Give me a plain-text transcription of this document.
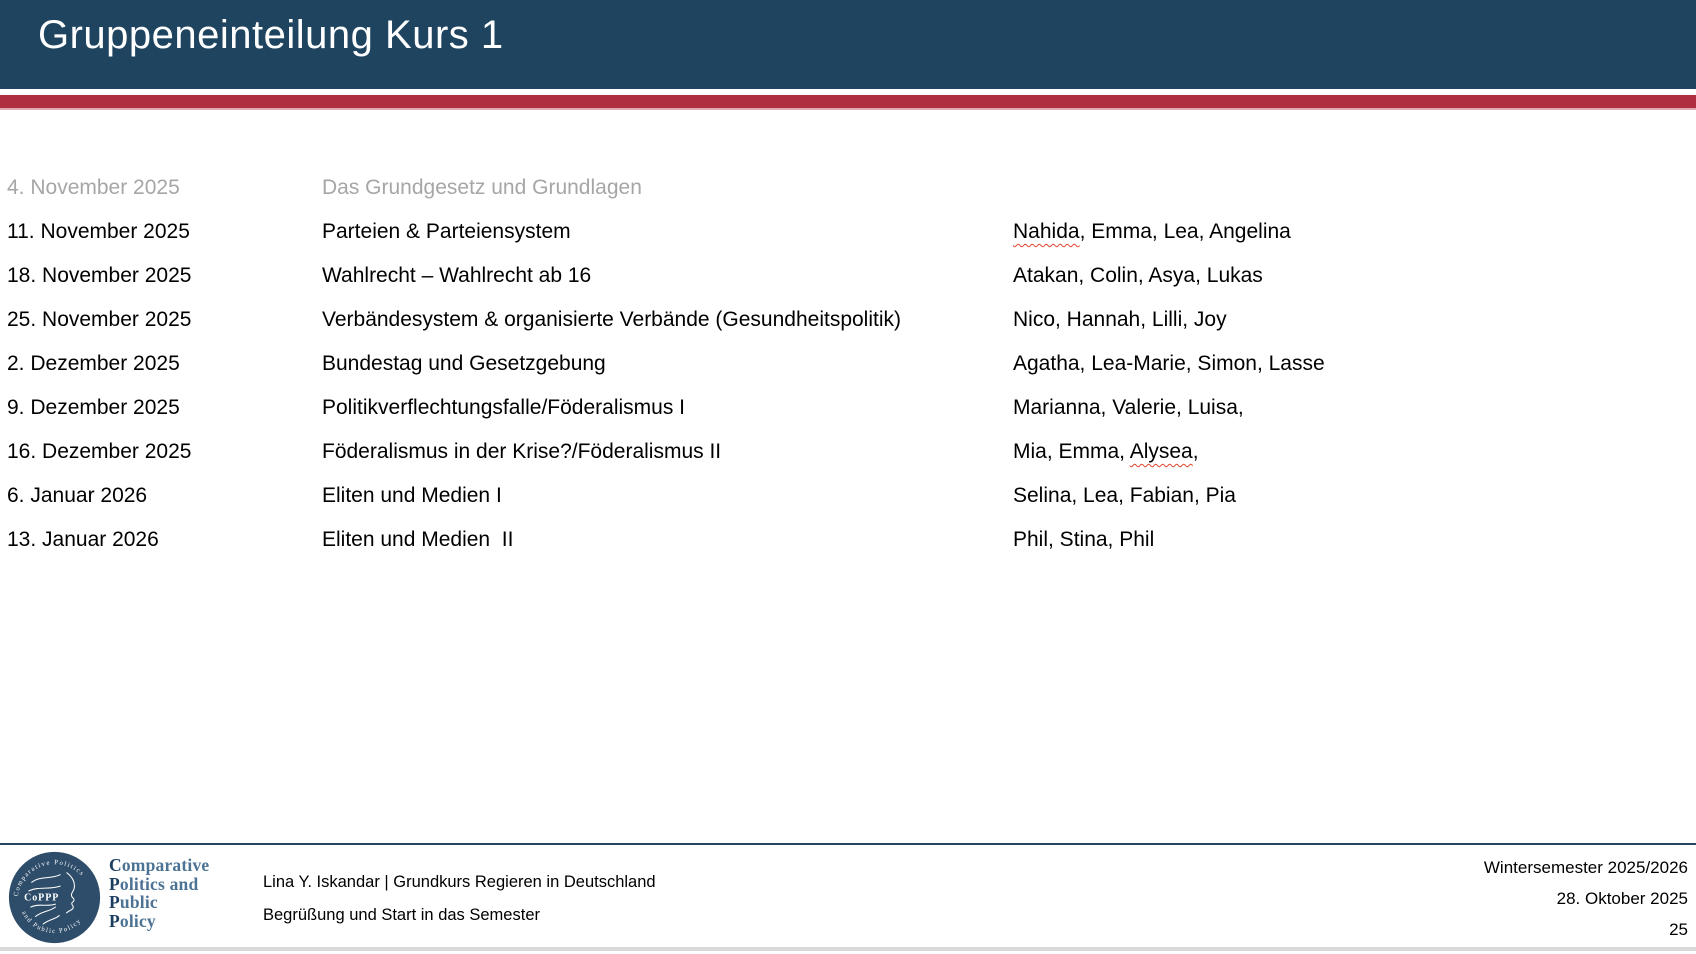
Gruppeneinteilung Kurs 1
4. November 2025	Das Grundgesetz und Grundlagen
11. November 2025	Parteien & Parteiensystem	Nahida, Emma, Lea, Angelina
18. November 2025	Wahlrecht – Wahlrecht ab 16	Atakan, Colin, Asya, Lukas
25. November 2025	Verbändesystem & organisierte Verbände (Gesundheitspolitik)	Nico, Hannah, Lilli, Joy
2. Dezember 2025	Bundestag und Gesetzgebung	Agatha, Lea-Marie, Simon, Lasse
9. Dezember 2025	Politikverflechtungsfalle/Föderalismus I	Marianna, Valerie, Luisa,
16. Dezember 2025	Föderalismus in der Krise?/Föderalismus II	Mia, Emma, Alysea,
6. Januar 2026	Eliten und Medien I	Selina, Lea, Fabian, Pia
13. Januar 2026	Eliten und Medien  II	Phil, Stina, Phil
Comparative Politics
and Public Policy
CoPPP
Comparative
Politics and
Public
Policy
Lina Y. Iskandar | Grundkurs Regieren in Deutschland
Begrüßung und Start in das Semester
Wintersemester 2025/2026
28. Oktober 2025
25
